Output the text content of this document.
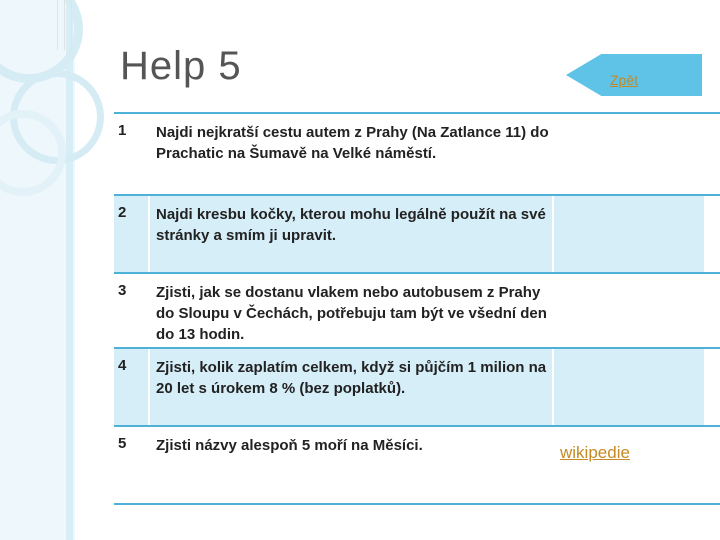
Help 5	Zpět
1 Najdi nejkratší cestu autem z Prahy (Na Zatlance 11) do Prachatic na Šumavě na Velké náměstí.
2 Najdi kresbu kočky, kterou mohu legálně použít na své stránky a smím ji upravit.
3 Zjisti, jak se dostanu vlakem nebo autobusem z Prahy do Sloupu v Čechách, potřebuju tam být ve všední den do 13 hodin.
4 Zjisti, kolik zaplatím celkem, když si půjčím 1 milion na 20 let s úrokem 8 % (bez poplatků).
5 Zjisti názvy alespoň 5 moří na Měsíci.	wikipedie
